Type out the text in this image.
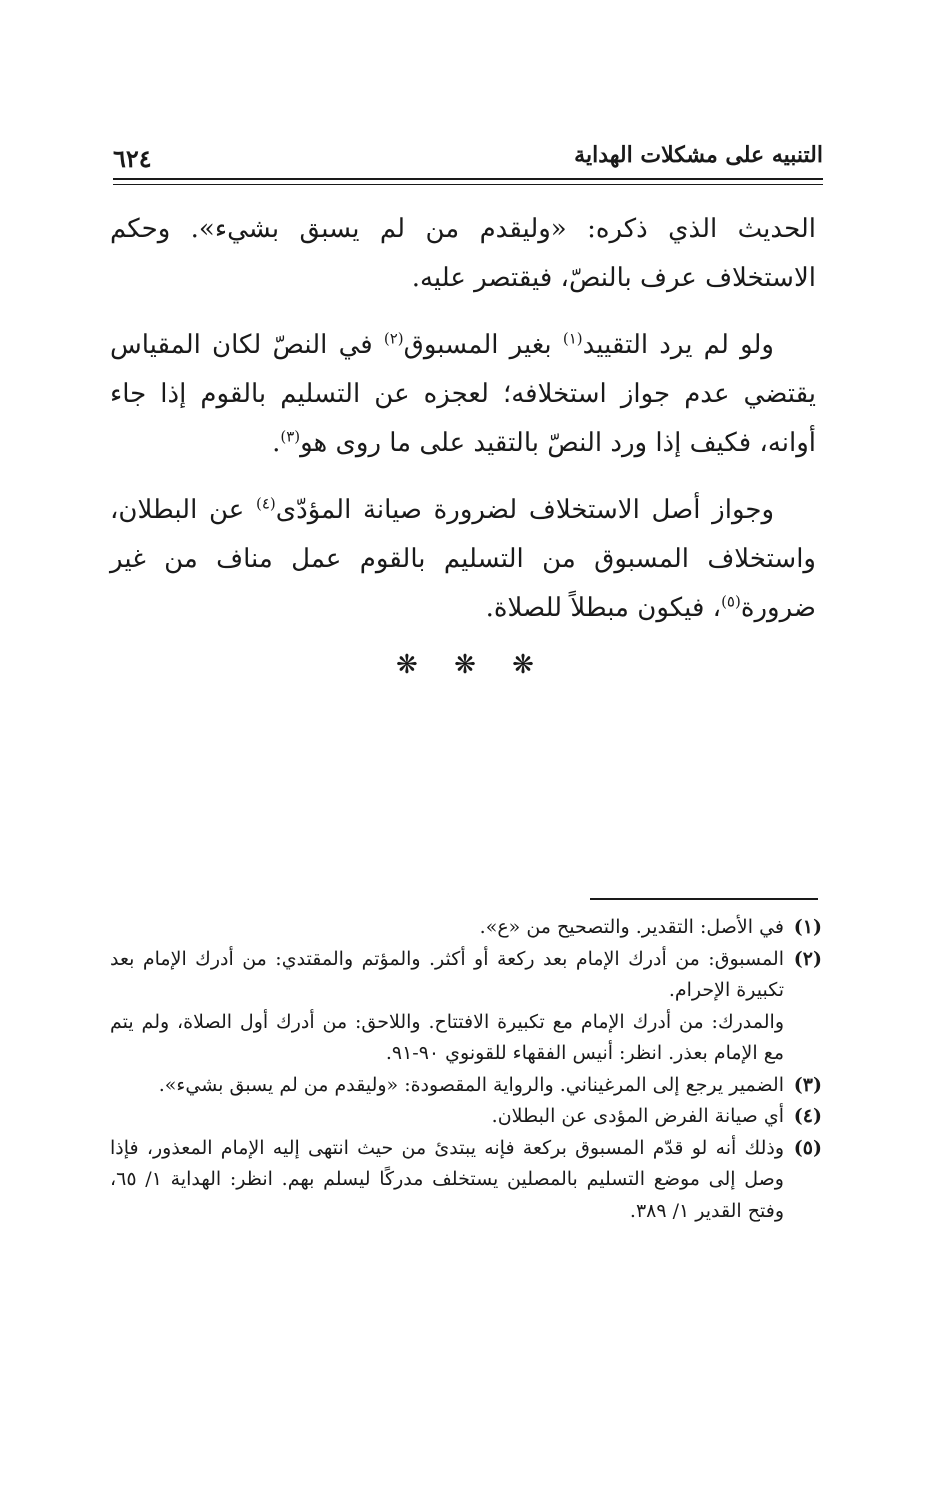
التنبيه على مشكلات الهداية
٦٢٤

الحديث الذي ذكره: «وليقدم من لم يسبق بشيء». وحكم الاستخلاف عرف بالنصّ، فيقتصر عليه.

ولو لم يرد التقييد$^{(١)}$ بغير المسبوق$^{(٢)}$ في النصّ لكان المقياس يقتضي عدم جواز استخلافه؛ لعجزه عن التسليم بالقوم إذا جاء أوانه، فكيف إذا ورد النصّ بالتقيد على ما روى هو$^{(٣)}$.

وجواز أصل الاستخلاف لضرورة صيانة المؤدّى$^{(٤)}$ عن البطلان، واستخلاف المسبوق من التسليم بالقوم عمل مناف من غير ضرورة$^{(٥)}$، فيكون مبطلاً للصلاة.

❋ ❋ ❋
(١)
في الأصل: التقدير. والتصحيح من «ع».
(٢)
المسبوق: من أدرك الإمام بعد ركعة أو أكثر. والمؤتم والمقتدي: من أدرك الإمام بعد تكبيرة الإحرام.
والمدرك: من أدرك الإمام مع تكبيرة الافتتاح. واللاحق: من أدرك أول الصلاة، ولم يتم مع الإمام بعذر. انظر: أنيس الفقهاء للقونوي ٩٠-٩١.
(٣)
الضمير يرجع إلى المرغيناني. والرواية المقصودة: «وليقدم من لم يسبق بشيء».
(٤)
أي صيانة الفرض المؤدى عن البطلان.
(٥)
وذلك أنه لو قدّم المسبوق بركعة فإنه يبتدئ من حيث انتهى إليه الإمام المعذور، فإذا وصل إلى موضع التسليم بالمصلين يستخلف مدركًا ليسلم بهم. انظر: الهداية ١/ ٦٥، وفتح القدير ١/ ٣٨٩.
